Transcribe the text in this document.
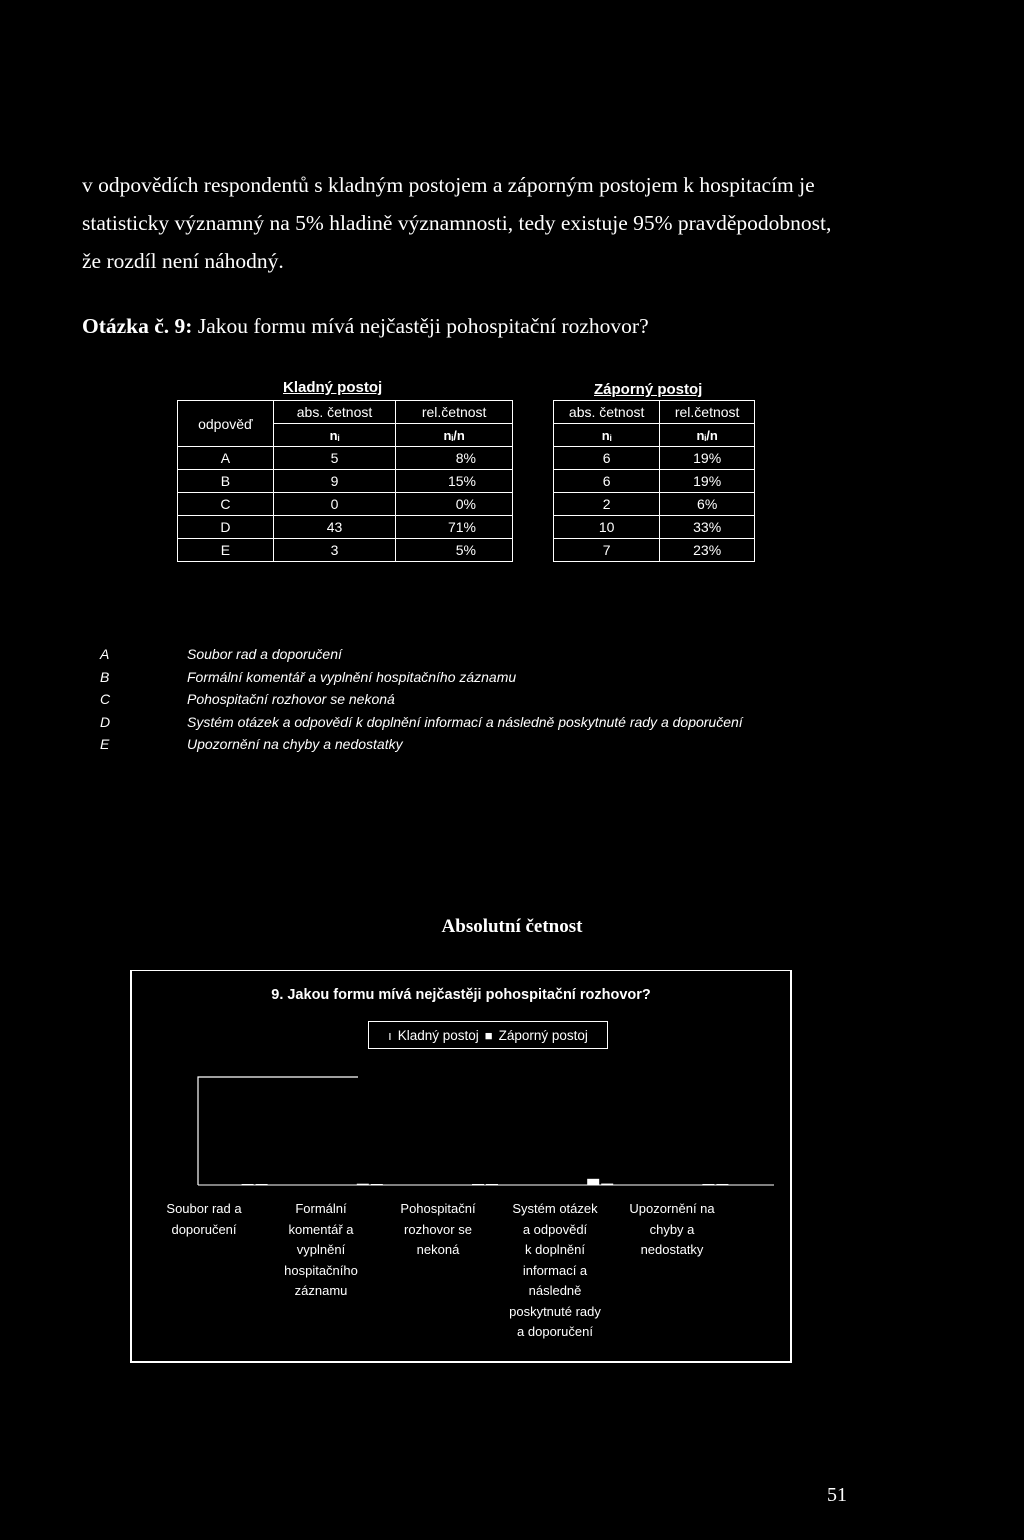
v odpovědích respondentů s kladným postojem a záporným postojem k hospitacím je
statisticky významný na 5% hladině významnosti, tedy existuje 95% pravděpodobnost,
že rozdíl není náhodný.
Otázka č. 9: Jakou formu mívá nejčastěji pohospitační rozhovor?
Kladný postoj	Záporný postoj
odpověď	abs. četnost	rel.četnost
	nᵢ	nᵢ/n
A	5	8%
B	9	15%
C	0	0%
D	43	71%
E	3	5%
abs. četnost	rel.četnost
nᵢ	nᵢ/n
6	19%
6	19%
2	6%
10	33%
7	23%
A	Soubor rad a doporučení
B	Formální komentář a vyplnění hospitačního záznamu
C	Pohospitační rozhovor se nekoná
D	Systém otázek a odpovědí k doplnění informací a následně poskytnuté rady a doporučení
E	Upozornění na chyby a nedostatky
Absolutní četnost
9. Jakou formu mívá nejčastěji pohospitační rozhovor?
ı Kladný postoj ■ Záporný postoj
Soubor rad a
doporučení
Formální
komentář a
vyplnění
hospitačního
záznamu
Pohospitační
rozhovor se
nekoná
Systém otázek
a odpovědí
k doplnění
informací a
následně
poskytnuté rady
a doporučení
Upozornění na
chyby a
nedostatky
51
